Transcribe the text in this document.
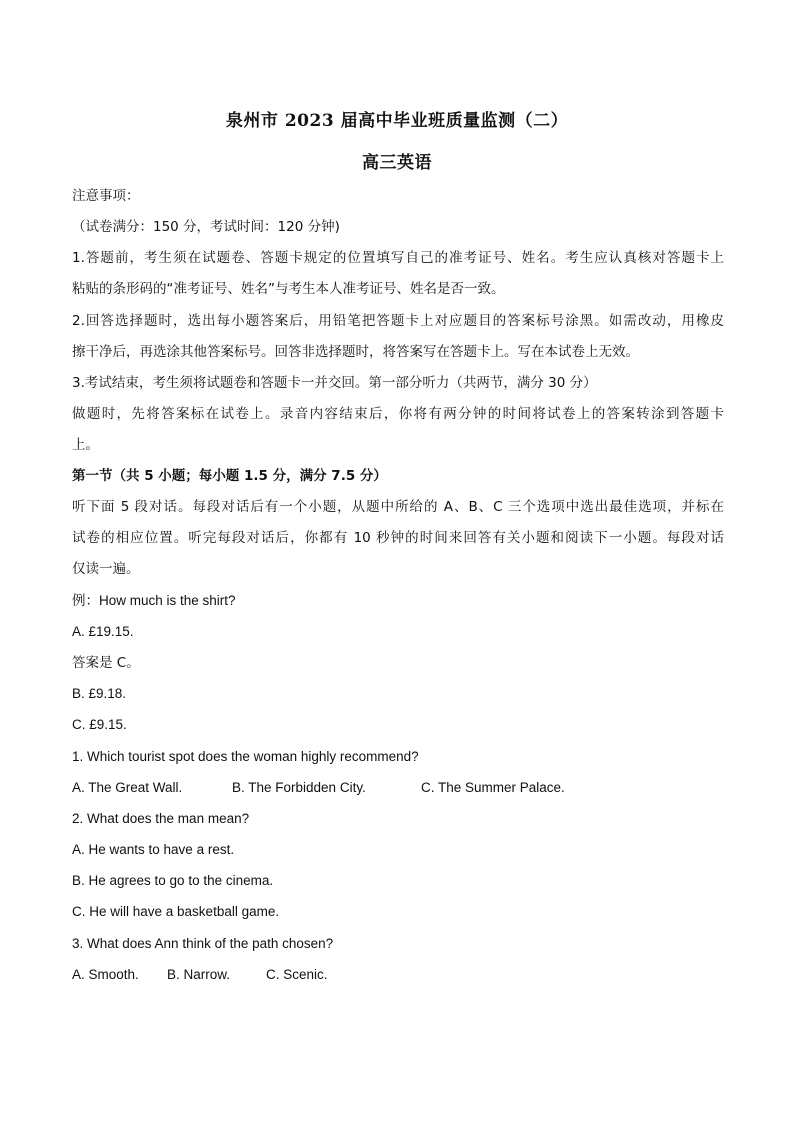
泉州市 2023 届高中毕业班质量监测（二）
高三英语
注意事项：
（试卷满分：150 分，考试时间：120 分钟)
1.答题前，考生须在试题卷、答题卡规定的位置填写自己的准考证号、姓名。考生应认真核对答题卡上
粘贴的条形码的“准考证号、姓名”与考生本人准考证号、姓名是否一致。
2.回答选择题时，选出每小题答案后，用铅笔把答题卡上对应题目的答案标号涂黑。如需改动，用橡皮
擦干净后，再选涂其他答案标号。回答非选择题时，将答案写在答题卡上。写在本试卷上无效。
3.考试结束，考生须将试题卷和答题卡一并交回。第一部分听力（共两节，满分 30 分）
做题时，先将答案标在试卷上。录音内容结束后，你将有两分钟的时间将试卷上的答案转涂到答题卡
上。
第一节（共 5 小题；每小题 1.5 分，满分 7.5 分）
听下面 5 段对话。每段对话后有一个小题，从题中所给的 A、B、C 三个选项中选出最佳选项，并标在
试卷的相应位置。听完每段对话后，你都有 10 秒钟的时间来回答有关小题和阅读下一小题。每段对话
仅读一遍。
例：How much is the shirt?
A. £19.15.
答案是 C。
B. £9.18.
C. £9.15.
1. Which tourist spot does the woman highly recommend?
A. The Great Wall.	B. The Forbidden City.	C. The Summer Palace.
2. What does the man mean?
A. He wants to have a rest.
B. He agrees to go to the cinema.
C. He will have a basketball game.
3. What does Ann think of the path chosen?
A. Smooth. B. Narrow.	C. Scenic.
